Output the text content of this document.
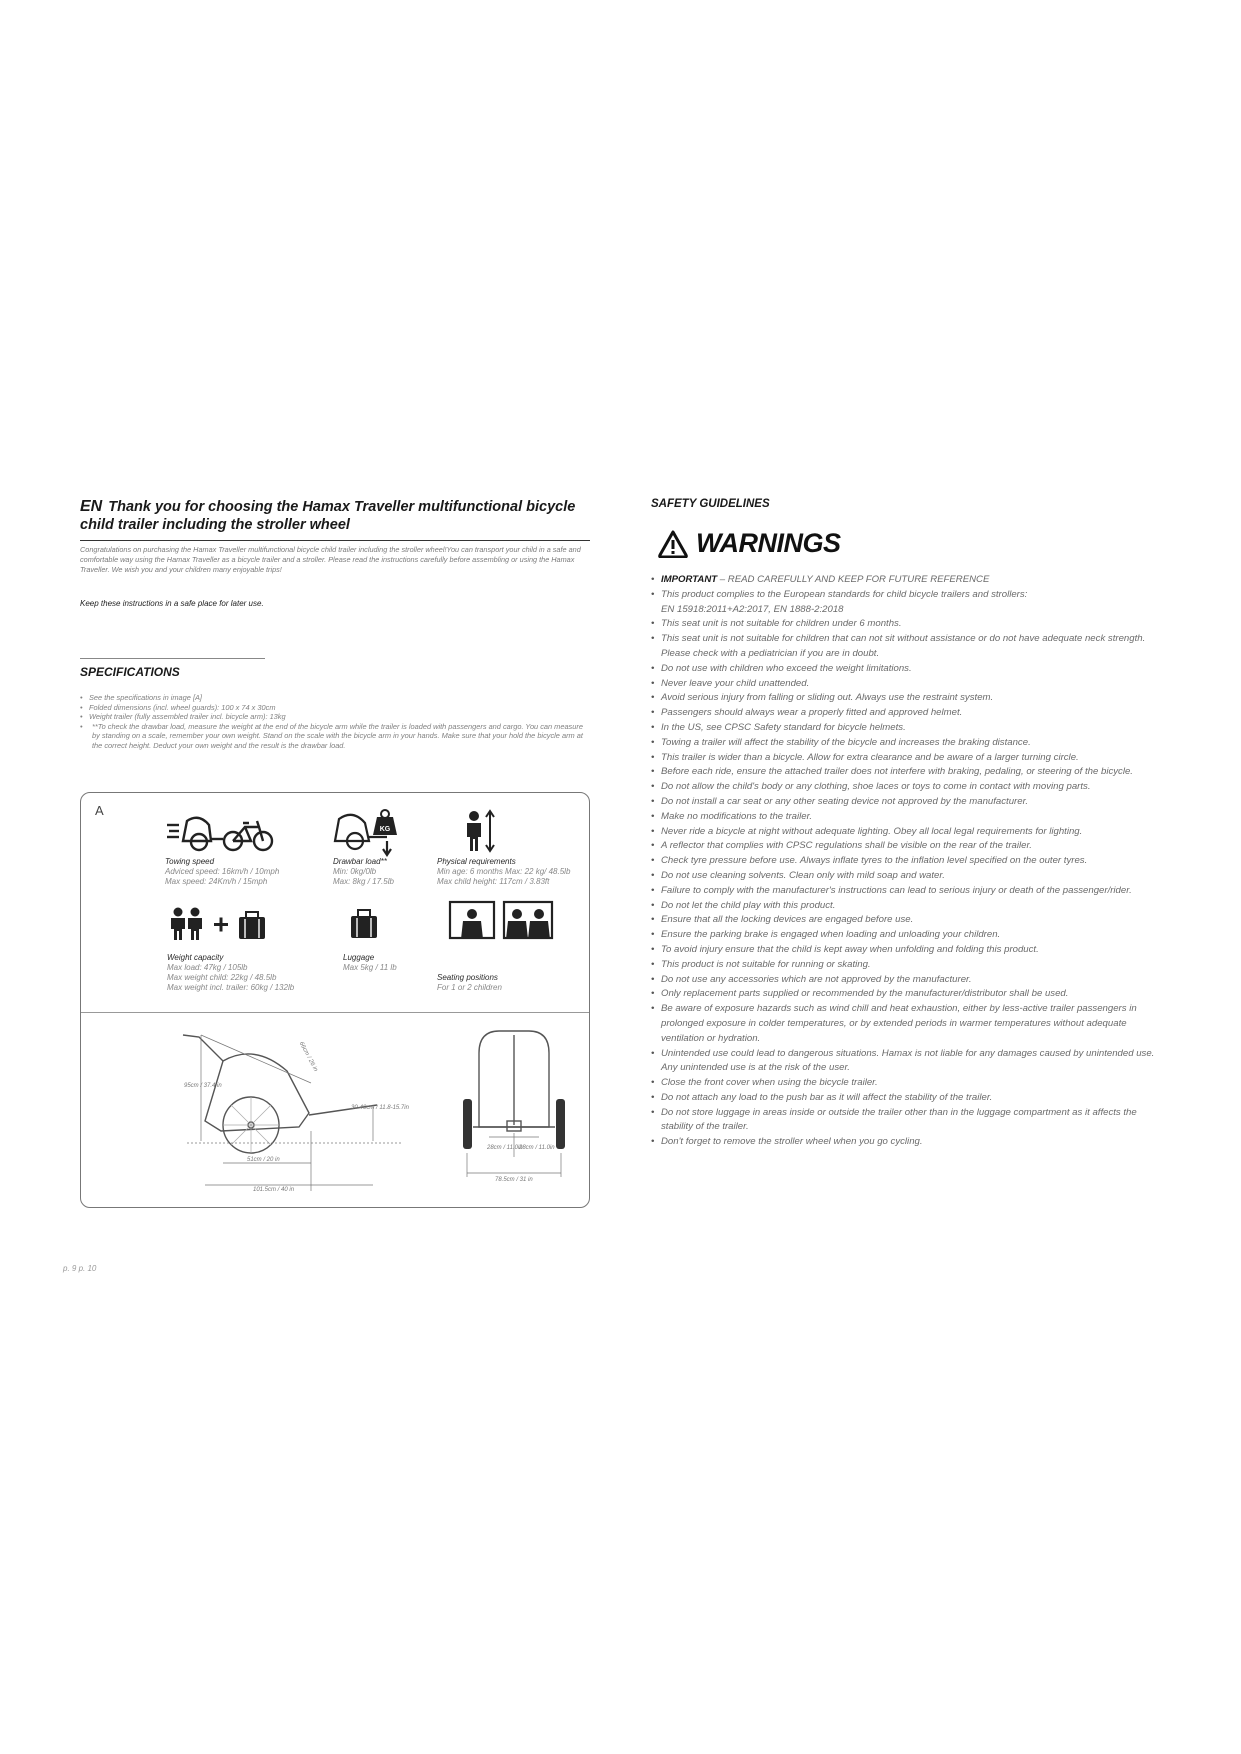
EN Thank you for choosing the Hamax Traveller multifunctional bicycle child trailer including the stroller wheel
Congratulations on purchasing the Hamax Traveller multifunctional bicycle child trailer including the stroller wheel!You can transport your child in a safe and comfortable way using the Hamax Traveller as a bicycle trailer and a stroller. Please read the instructions carefully before assembling or using the Hamax Traveller. We wish you and your children many enjoyable trips!
Keep these instructions in a safe place for later use.
SPECIFICATIONS
• See the specifications in image [A]
• Folded dimensions (incl. wheel guards): 100 x 74 x 30cm
• Weight trailer (fully assembled trailer incl. bicycle arm): 13kg
• **To check the drawbar load, measure the weight at the end of the bicycle arm while the trailer is loaded with passengers and cargo. You can measure by standing on a scale, remember your own weight. Stand on the scale with the bicycle arm in your hands. Make sure that your hold the bicycle arm at the correct height. Deduct your own weight and the result is the drawbar load.
A
KG
Towing speed
Adviced speed: 16km/h / 10mph
Max speed: 24Km/h / 15mph
Drawbar load**
Min: 0kg/0lb
Max: 8kg / 17.5lb
Physical requirements
Min age: 6 months Max: 22 kg/ 48.5lb
Max child height: 117cm / 3.83ft
Weight capacity
Max load: 47kg / 105lb
Max weight child: 22kg / 48.5lb
Max weight incl. trailer: 60kg / 132lb
Luggage
Max 5kg / 11 lb
Seating positions
For 1 or 2 children
95cm / 37.4 in
66cm / 26 in
30-40cm / 11.8-15.7in
51cm / 20 in
101.5cm / 40 in
28cm / 11.0in
28cm / 11.0in
78.5cm / 31 in
SAFETY GUIDELINES
WARNINGS
• IMPORTANT – READ CAREFULLY AND KEEP FOR FUTURE REFERENCE
• This product complies to the European standards for child bicycle trailers and strollers:
EN 15918:2011+A2:2017, EN 1888-2:2018
• This seat unit is not suitable for children under 6 months.
• This seat unit is not suitable for children that can not sit without assistance or do not have adequate neck strength. Please check with a pediatrician if you are in doubt.
• Do not use with children who exceed the weight limitations.
• Never leave your child unattended.
• Avoid serious injury from falling or sliding out. Always use the restraint system.
• Passengers should always wear a properly fitted and approved helmet.
• In the US, see CPSC Safety standard for bicycle helmets.
• Towing a trailer will affect the stability of the bicycle and increases the braking distance.
• This trailer is wider than a bicycle. Allow for extra clearance and be aware of a larger turning circle.
• Before each ride, ensure the attached trailer does not interfere with braking, pedaling, or steering of the bicycle.
• Do not allow the child's body or any clothing, shoe laces or toys to come in contact with moving parts.
• Do not install a car seat or any other seating device not approved by the manufacturer.
• Make no modifications to the trailer.
• Never ride a bicycle at night without adequate lighting. Obey all local legal requirements for lighting.
• A reflector that complies with CPSC regulations shall be visible on the rear of the trailer.
• Check tyre pressure before use. Always inflate tyres to the inflation level specified on the outer tyres.
• Do not use cleaning solvents. Clean only with mild soap and water.
• Failure to comply with the manufacturer's instructions can lead to serious injury or death of the passenger/rider.
• Do not let the child play with this product.
• Ensure that all the locking devices are engaged before use.
• Ensure the parking brake is engaged when loading and unloading your children.
• To avoid injury ensure that the child is kept away when unfolding and folding this product.
• This product is not suitable for running or skating.
• Do not use any accessories which are not approved by the manufacturer.
• Only replacement parts supplied or recommended by the manufacturer/distributor shall be used.
• Be aware of exposure hazards such as wind chill and heat exhaustion, either by less-active trailer passengers in prolonged exposure in colder temperatures, or by extended periods in warmer temperatures without adequate ventilation or hydration.
• Unintended use could lead to dangerous situations. Hamax is not liable for any damages caused by unintended use. Any unintended use is at the risk of the user.
• Close the front cover when using the bicycle trailer.
• Do not attach any load to the push bar as it will affect the stability of the trailer.
• Do not store luggage in areas inside or outside the trailer other than in the luggage compartment as it affects the stability of the trailer.
• Don't forget to remove the stroller wheel when you go cycling.
p. 9 p. 10
